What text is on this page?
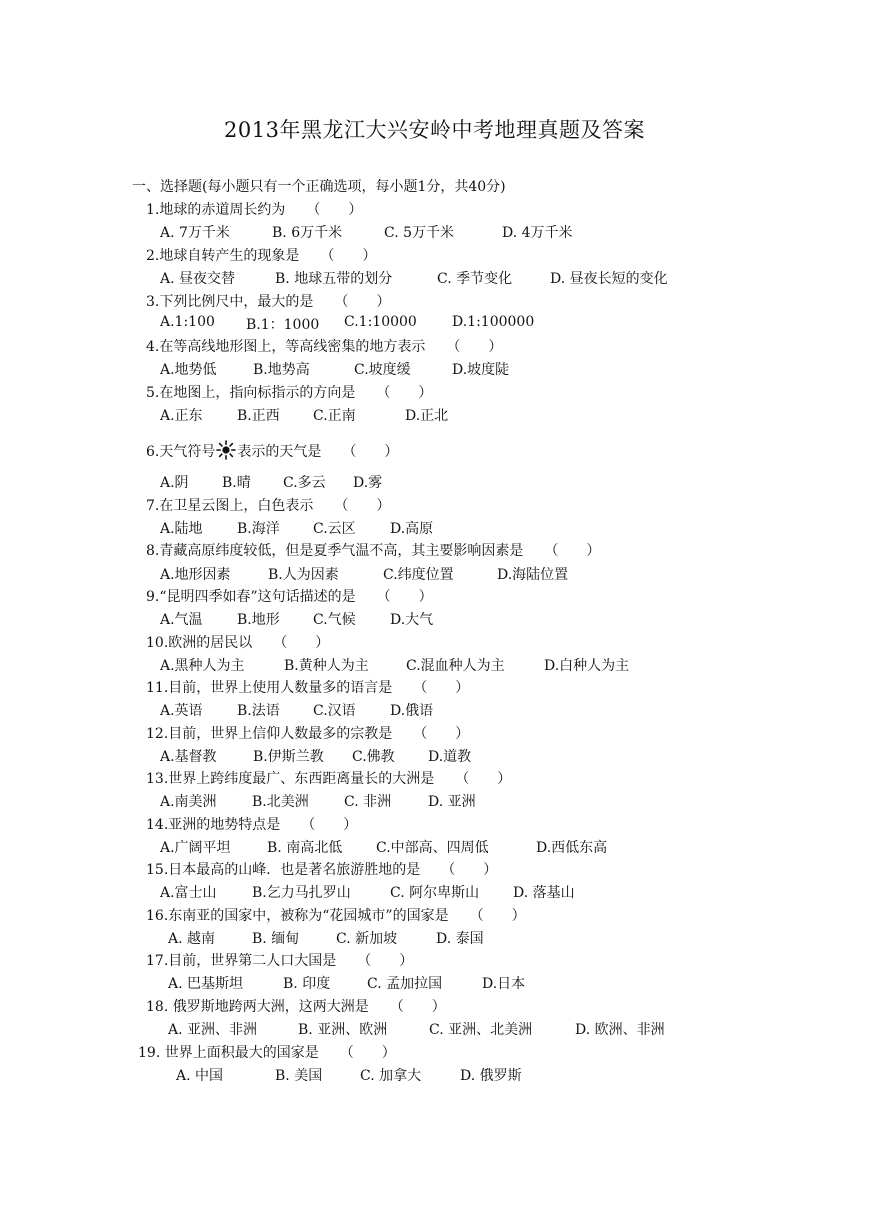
2013年黑龙江大兴安岭中考地理真题及答案
一、选择题(每小题只有一个正确选项，每小题1分，共40分)
1.地球的赤道周长约为　　（　　）
A. 7万千米	B. 6万千米	C. 5万千米	D. 4万千米
2.地球自转产生的现象是　　（　　）
A. 昼夜交替	B. 地球五带的划分	C. 季节变化	D. 昼夜长短的变化
3.下列比例尺中，最大的是　　（　　）
A.1:100 B.1：1000 C.1:10000	D.1:100000
4.在等高线地形图上，等高线密集的地方表示　　（　　）
A.地势低	B.地势高	C.坡度缓	D.坡度陡
5.在地图上，指向标指示的方向是　　（　　）
A.正东 B.正西 C.正南	D.正北
6.天气符号 表示的天气是　　（　　）
A.阴 B.晴 C.多云 D.雾
7.在卫星云图上，白色表示　　（　　）
A.陆地 B.海洋 C.云区 D.高原
8.青藏高原纬度较低，但是夏季气温不高，其主要影响因素是　　（　　）
A.地形因素	B.人为因素	C.纬度位置	D.海陆位置
9.“昆明四季如春”这句话描述的是　　（　　）
A.气温 B.地形 C.气候 D.大气
10.欧洲的居民以　　（　　）
A.黑种人为主	B.黄种人为主	C.混血种人为主	D.白种人为主
11.目前，世界上使用人数量多的语言是　　（　　）
A.英语 B.法语 C.汉语 D.俄语
12.目前，世界上信仰人数最多的宗教是　　（　　）
A.基督教	B.伊斯兰教 C.佛教 D.道教
13.世界上跨纬度最广、东西距离量长的大洲是　　（　　）
A.南美洲	B.北美洲	C. 非洲	D. 亚洲
14.亚洲的地势特点是　　（　　）
A.广阔平坦	B. 南高北低 C.中部高、四周低	D.西低东高
15.日本最高的山峰．也是著名旅游胜地的是　　（　　）
A.富士山	B.乞力马扎罗山	C. 阿尔卑斯山 D. 落基山
16.东南亚的国家中，被称为“花园城市”的国家是　　（　　）
A. 越南	B. 缅甸	C. 新加坡	D. 泰国
17.目前，世界第二人口大国是　　（　　）
A. 巴基斯坦	B. 印度	C. 孟加拉国	D.日本
18. 俄罗斯地跨两大洲，这两大洲是　　（　　）
A. 亚洲、非洲	B. 亚洲、欧洲	C. 亚洲、北美洲	D. 欧洲、非洲
19. 世界上面积最大的国家是　　（　　）
A. 中国	B. 美国	C. 加拿大	D. 俄罗斯
